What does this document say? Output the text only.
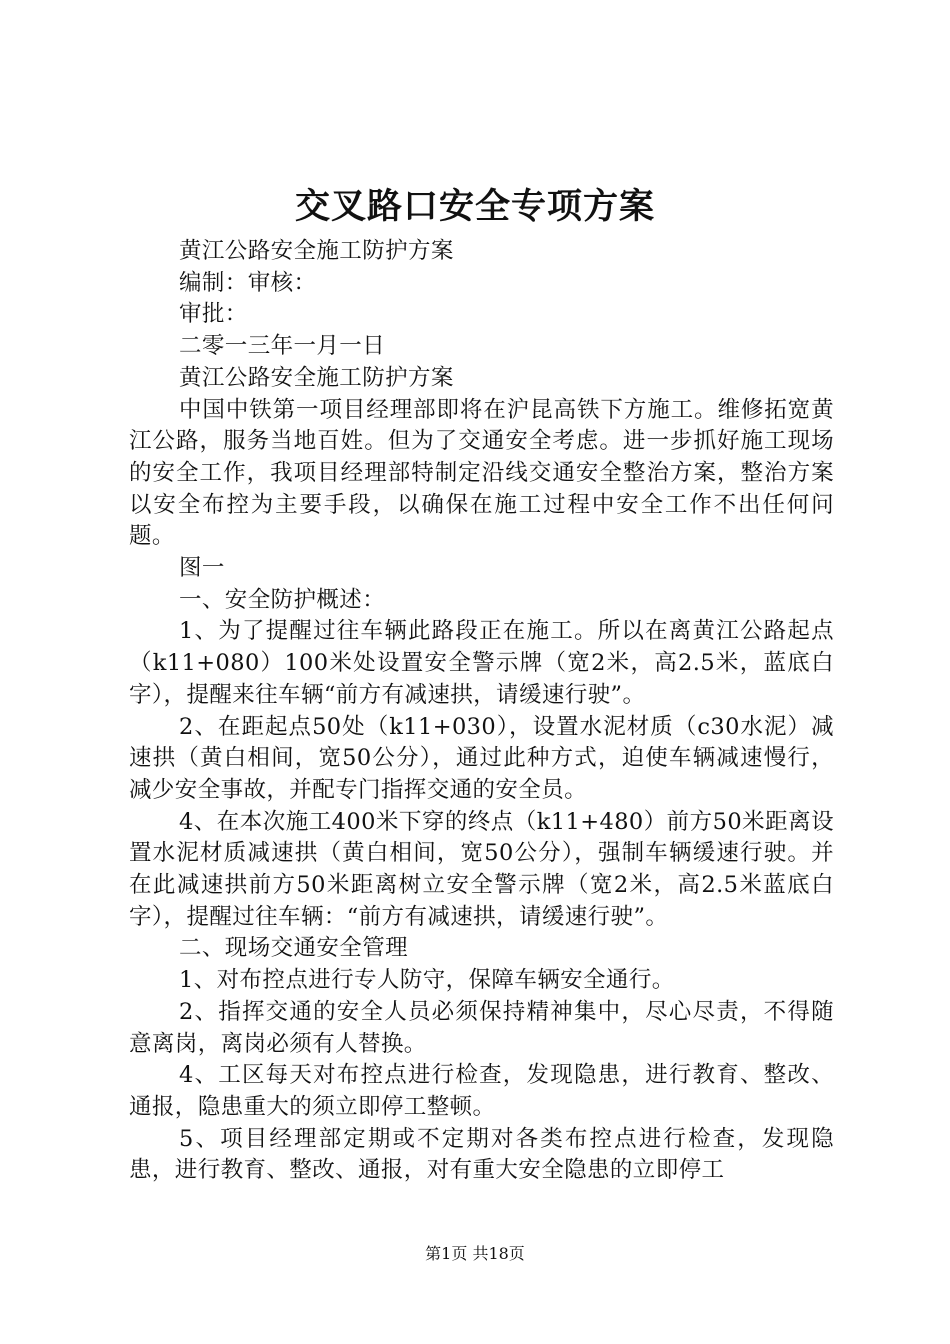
交叉路口安全专项方案

黄江公路安全施工防护方案

编制：审核：

审批：

二零一三年一月一日

黄江公路安全施工防护方案

中国中铁第一项目经理部即将在沪昆高铁下方施工。维修拓宽黄江公路，服务当地百姓。但为了交通安全考虑。进一步抓好施工现场的安全工作，我项目经理部特制定沿线交通安全整治方案，整治方案以安全布控为主要手段，以确保在施工过程中安全工作不出任何问题。

图一

一、安全防护概述：

1、为了提醒过往车辆此路段正在施工。所以在离黄江公路起点（k11+080）100米处设置安全警示牌（宽2米，高2.5米，蓝底白字），提醒来往车辆“前方有减速拱，请缓速行驶”。

2、在距起点50处（k11+030），设置水泥材质（c30水泥）减速拱（黄白相间，宽50公分），通过此种方式，迫使车辆减速慢行，减少安全事故，并配专门指挥交通的安全员。

4、在本次施工400米下穿的终点（k11+480）前方50米距离设置水泥材质减速拱（黄白相间，宽50公分），强制车辆缓速行驶。并在此减速拱前方50米距离树立安全警示牌（宽2米，高2.5米蓝底白字），提醒过往车辆：“前方有减速拱，请缓速行驶”。

二、现场交通安全管理

1、对布控点进行专人防守，保障车辆安全通行。

2、指挥交通的安全人员必须保持精神集中，尽心尽责，不得随意离岗，离岗必须有人替换。

4、工区每天对布控点进行检查，发现隐患，进行教育、整改、通报，隐患重大的须立即停工整顿。

5、项目经理部定期或不定期对各类布控点进行检查，发现隐患，进行教育、整改、通报，对有重大安全隐患的立即停工

第1页 共18页
